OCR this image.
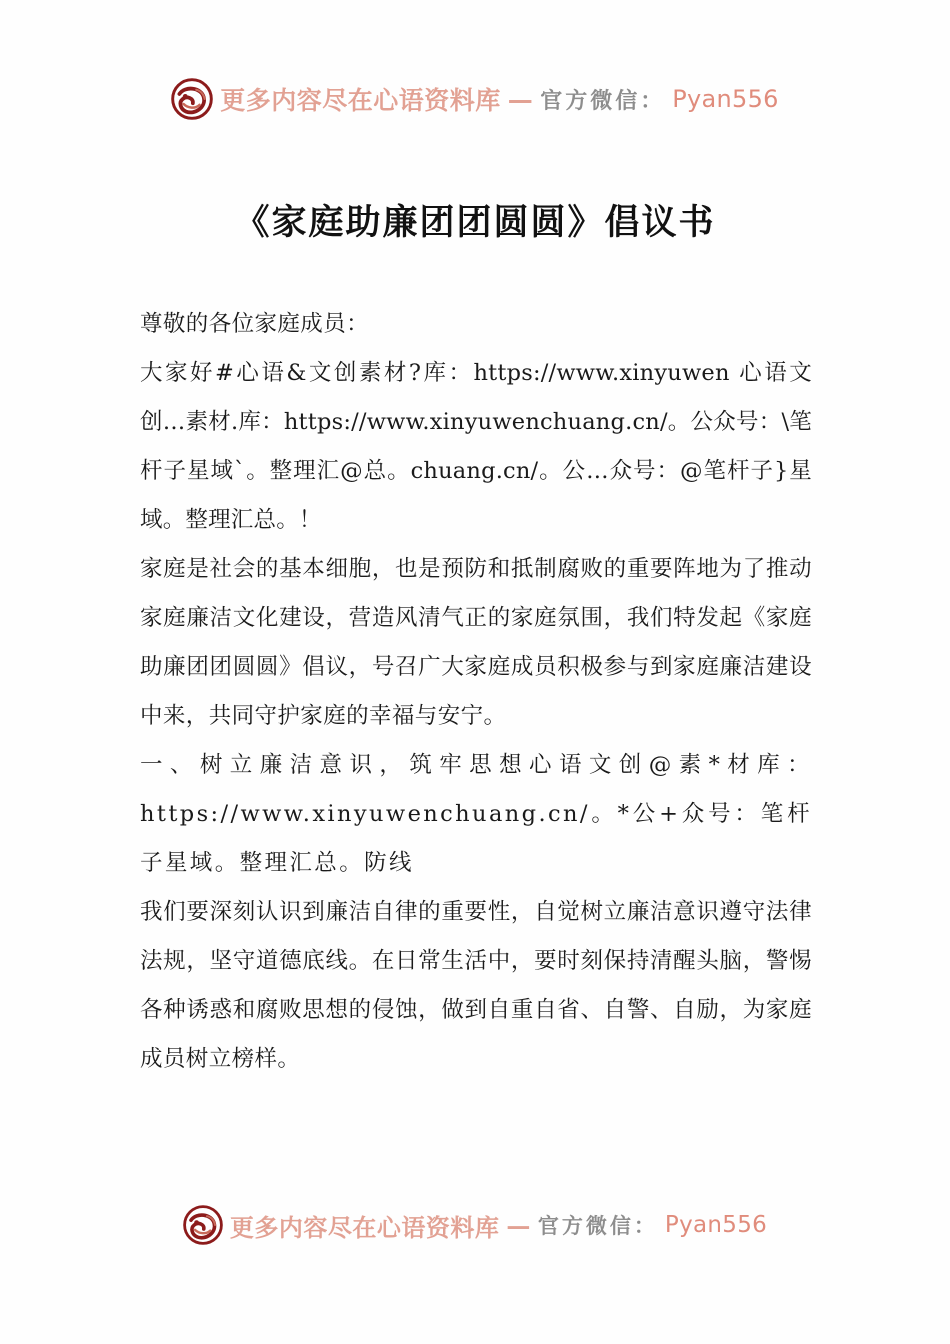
更多内容尽在心语资料库 — 官方微信： Pyan556
《家庭助廉团团圆圆》倡议书

尊敬的各位家庭成员：

大家好#心语&文创素材?库：https://www.xinyuwen 心语文创…素材.库：https://www.xinyuwenchuang.cn/。公众号：\笔杆子星域`。整理汇@总。chuang.cn/。公…众号：@笔杆子}星域。整理汇总。！

家庭是社会的基本细胞，也是预防和抵制腐败的重要阵地为了推动家庭廉洁文化建设，营造风清气正的家庭氛围，我们特发起《家庭助廉团团圆圆》倡议，号召广大家庭成员积极参与到家庭廉洁建设中来，共同守护家庭的幸福与安宁。

一、树立廉洁意识，筑牢思想心语文创@素*材库：https://www.xinyuwenchuang.cn/。*公+众号：笔杆子星域。整理汇总。防线

我们要深刻认识到廉洁自律的重要性，自觉树立廉洁意识遵守法律法规，坚守道德底线。在日常生活中，要时刻保持清醒头脑，警惕各种诱惑和腐败思想的侵蚀，做到自重自省、自警、自励，为家庭成员树立榜样。

更多内容尽在心语资料库 — 官方微信： Pyan556
